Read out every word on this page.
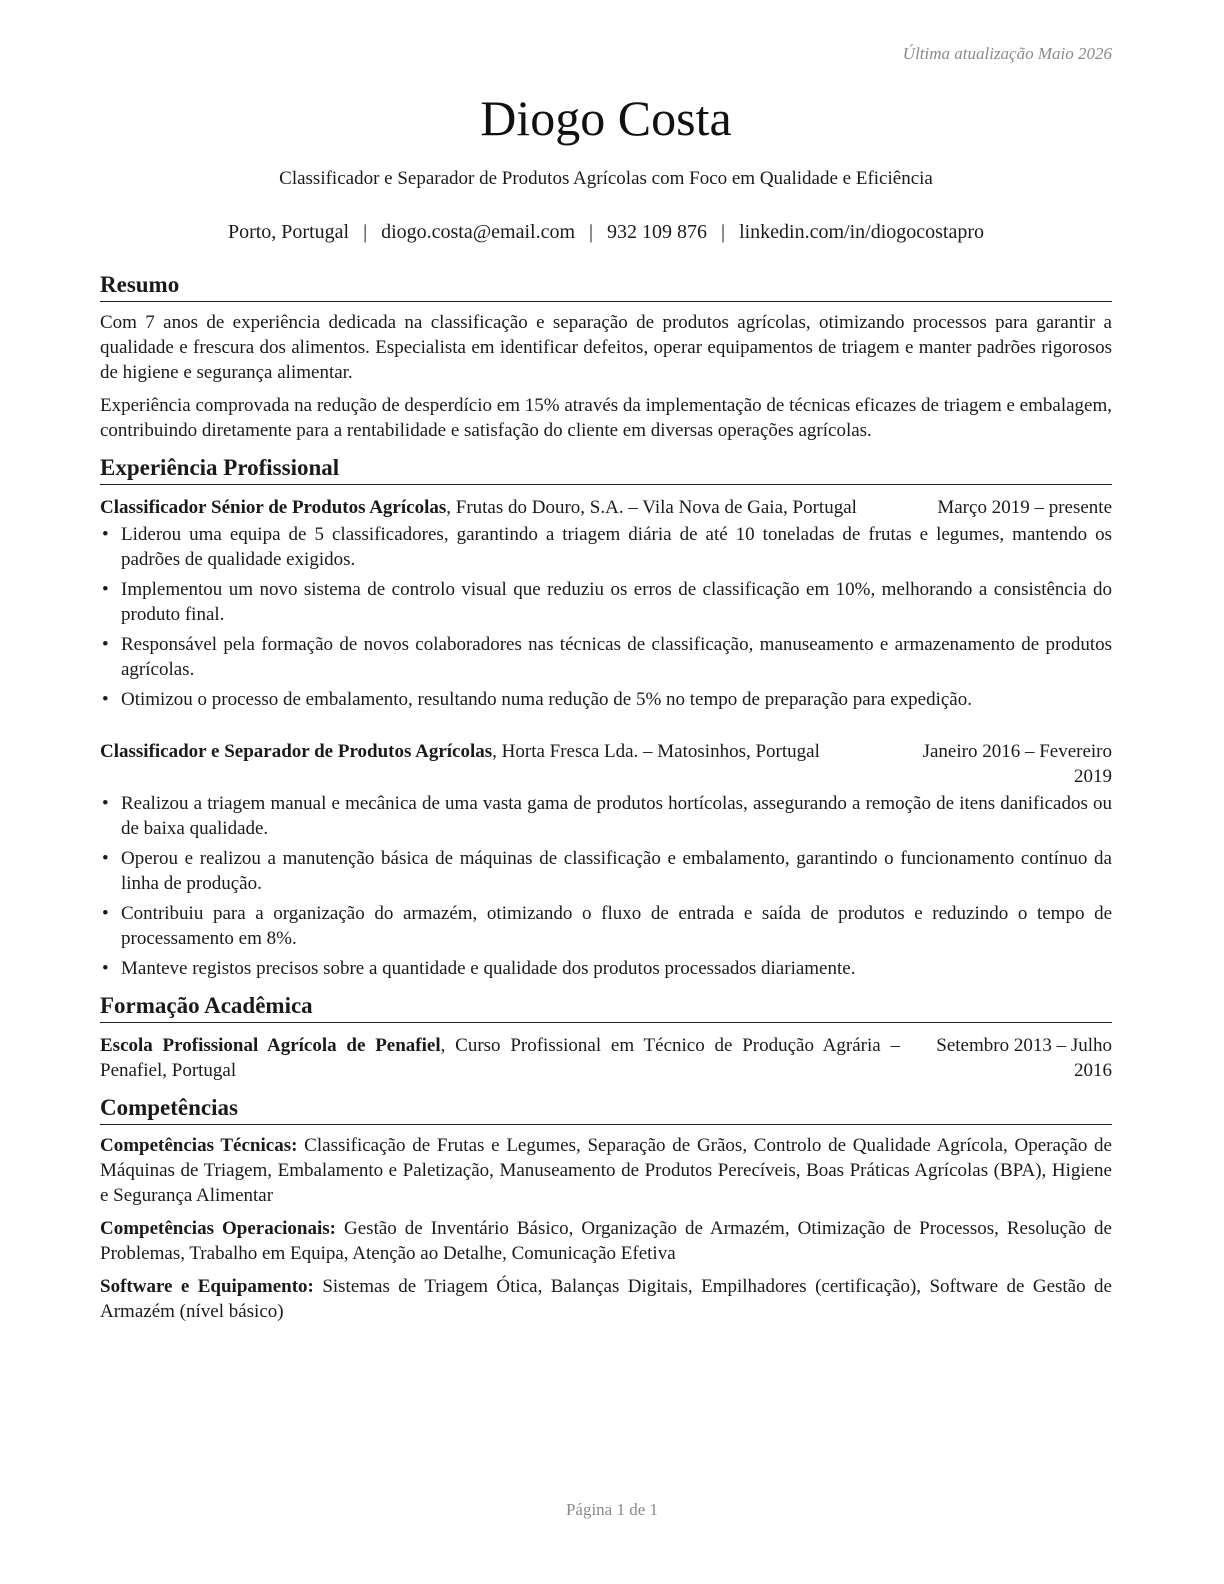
Última atualização Maio 2026
Diogo Costa
Classificador e Separador de Produtos Agrícolas com Foco em Qualidade e Eficiência
Porto, Portugal | diogo.costa@email.com | 932 109 876 | linkedin.com/in/diogocostapro
Resumo

Com 7 anos de experiência dedicada na classificação e separação de produtos agrícolas, otimizando processos para garantir a qualidade e frescura dos alimentos. Especialista em identificar defeitos, operar equipamentos de triagem e manter padrões rigorosos de higiene e segurança alimentar.

Experiência comprovada na redução de desperdício em 15% através da implementação de técnicas eficazes de triagem e embalagem, contribuindo diretamente para a rentabilidade e satisfação do cliente em diversas operações agrícolas.

Experiência Profissional
Classificador Sénior de Produtos Agrícolas, Frutas do Douro, S.A. – Vila Nova de Gaia, Portugal	Março 2019 – presente
• Liderou uma equipa de 5 classificadores, garantindo a triagem diária de até 10 toneladas de frutas e legumes, mantendo os padrões de qualidade exigidos.
• Implementou um novo sistema de controlo visual que reduziu os erros de classificação em 10%, melhorando a consistência do produto final.
• Responsável pela formação de novos colaboradores nas técnicas de classificação, manuseamento e armazenamento de produtos agrícolas.
• Otimizou o processo de embalamento, resultando numa redução de 5% no tempo de preparação para expedição.
Classificador e Separador de Produtos Agrícolas, Horta Fresca Lda. – Matosinhos, Portugal	Janeiro 2016 – Fevereiro 2019
• Realizou a triagem manual e mecânica de uma vasta gama de produtos hortícolas, assegurando a remoção de itens danificados ou de baixa qualidade.
• Operou e realizou a manutenção básica de máquinas de classificação e embalamento, garantindo o funcionamento contínuo da linha de produção.
• Contribuiu para a organização do armazém, otimizando o fluxo de entrada e saída de produtos e reduzindo o tempo de processamento em 8%.
• Manteve registos precisos sobre a quantidade e qualidade dos produtos processados diariamente.
Formação Acadêmica
Escola Profissional Agrícola de Penafiel, Curso Profissional em Técnico de Produção Agrária – Penafiel, Portugal
Setembro 2013 – Julho 2016
Competências

Competências Técnicas: Classificação de Frutas e Legumes, Separação de Grãos, Controlo de Qualidade Agrícola, Operação de Máquinas de Triagem, Embalamento e Paletização, Manuseamento de Produtos Perecíveis, Boas Práticas Agrícolas (BPA), Higiene e Segurança Alimentar

Competências Operacionais: Gestão de Inventário Básico, Organização de Armazém, Otimização de Processos, Resolução de Problemas, Trabalho em Equipa, Atenção ao Detalhe, Comunicação Efetiva

Software e Equipamento: Sistemas de Triagem Ótica, Balanças Digitais, Empilhadores (certificação), Software de Gestão de Armazém (nível básico)

Página 1 de 1
